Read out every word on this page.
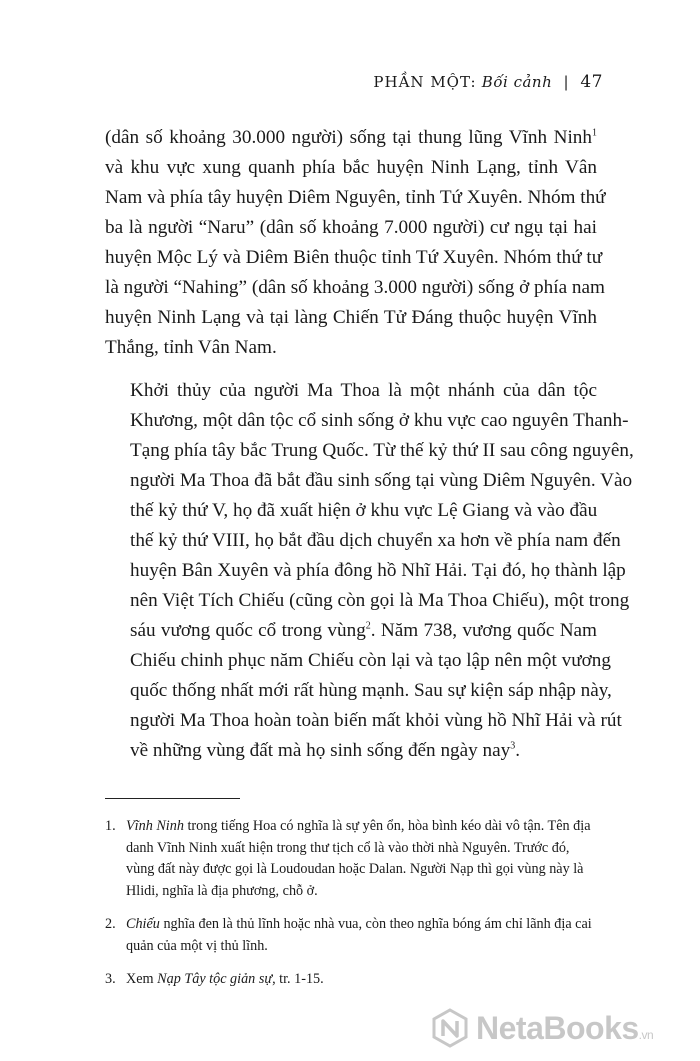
PHẦN MỘT: Bối cảnh | 47

(dân số khoảng 30.000 người) sống tại thung lũng Vĩnh Ninh$^1$
và khu vực xung quanh phía bắc huyện Ninh Lạng, tỉnh Vân
Nam và phía tây huyện Diêm Nguyên, tỉnh Tứ Xuyên. Nhóm thứ
ba là người “Naru” (dân số khoảng 7.000 người) cư ngụ tại hai
huyện Mộc Lý và Diêm Biên thuộc tỉnh Tứ Xuyên. Nhóm thứ tư
là người “Nahing” (dân số khoảng 3.000 người) sống ở phía nam
huyện Ninh Lạng và tại làng Chiến Tử Đáng thuộc huyện Vĩnh
Thắng, tỉnh Vân Nam.

Khởi thủy của người Ma Thoa là một nhánh của dân tộc
Khương, một dân tộc cổ sinh sống ở khu vực cao nguyên Thanh-
Tạng phía tây bắc Trung Quốc. Từ thế kỷ thứ II sau công nguyên,
người Ma Thoa đã bắt đầu sinh sống tại vùng Diêm Nguyên. Vào
thế kỷ thứ V, họ đã xuất hiện ở khu vực Lệ Giang và vào đầu
thế kỷ thứ VIII, họ bắt đầu dịch chuyển xa hơn về phía nam đến
huyện Bân Xuyên và phía đông hồ Nhĩ Hải. Tại đó, họ thành lập
nên Việt Tích Chiếu (cũng còn gọi là Ma Thoa Chiếu), một trong
sáu vương quốc cổ trong vùng$^2$. Năm 738, vương quốc Nam
Chiếu chinh phục năm Chiếu còn lại và tạo lập nên một vương
quốc thống nhất mới rất hùng mạnh. Sau sự kiện sáp nhập này,
người Ma Thoa hoàn toàn biến mất khỏi vùng hồ Nhĩ Hải và rút
về những vùng đất mà họ sinh sống đến ngày nay$^3$.

1. Vĩnh Ninh trong tiếng Hoa có nghĩa là sự yên ổn, hòa bình kéo dài vô tận. Tên địa danh Vĩnh Ninh xuất hiện trong thư tịch cổ là vào thời nhà Nguyên. Trước đó, vùng đất này được gọi là Loudoudan hoặc Dalan. Người Nạp thì gọi vùng này là Hlidi, nghĩa là địa phương, chỗ ở.
2. Chiếu nghĩa đen là thủ lĩnh hoặc nhà vua, còn theo nghĩa bóng ám chỉ lãnh địa cai quản của một vị thủ lĩnh.
3. Xem Nạp Tây tộc giản sự, tr. 1-15.
NetaBooks.vn
